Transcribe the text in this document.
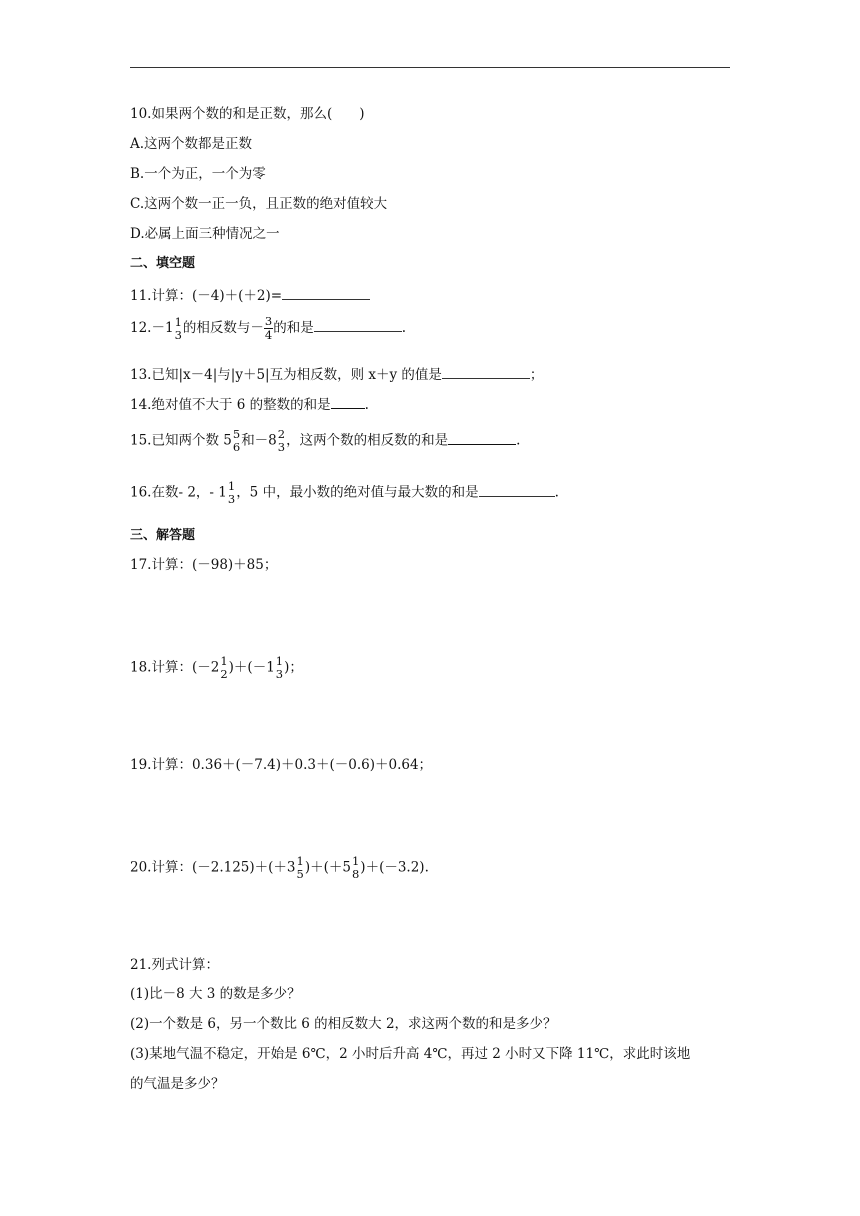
10.如果两个数的和是正数，那么(　　)
A.这两个数都是正数
B.一个为正，一个为零
C.这两个数一正一负，且正数的绝对值较大
D.必属上面三种情况之一
二、填空题
11.计算：(－4)＋(＋2)=
12.－1 1
3 的相反数与－ $\frac{3}{4}$ 的和是	.
13.已知|x－4|与|y＋5|互为相反数，则 x＋y 的值是	；
14.绝对值不大于 6 的整数的和是	.
15.已知两个数 5 5
6 和－8 2
3 ，这两个数的相反数的和是	.
16.在数- 2，- 1 1
3 ，5 中，最小数的绝对值与最大数的和是	.
三、解答题
17.计算：(－98)＋85；
18.计算：(－2 1
2 )＋(－1 1
3 )；
19.计算：0.36＋(－7.4)＋0.3＋(－0.6)＋0.64；
20.计算：(－2.125)＋(＋3 1
5 )＋(＋5 1
8 )＋(－3.2).
21.列式计算：
(1)比－8 大 3 的数是多少？
(2)一个数是 6，另一个数比 6 的相反数大 2，求这两个数的和是多少？
(3)某地气温不稳定，开始是 6℃，2 小时后升高 4℃，再过 2 小时又下降 11℃，求此时该地
的气温是多少？
